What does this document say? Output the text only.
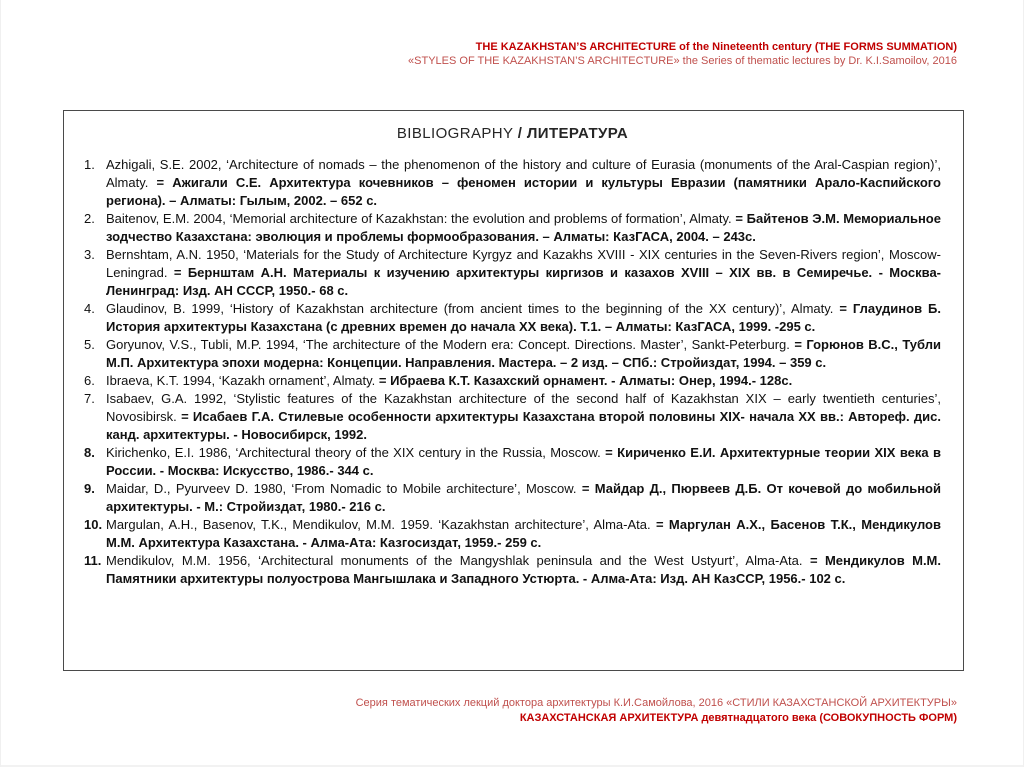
THE KAZAKHSTAN’S ARCHITECTURE of the Nineteenth century (THE FORMS SUMMATION)
«STYLES OF THE KAZAKHSTAN’S ARCHITECTURE» the Series of thematic lectures by Dr. K.I.Samoilov, 2016
BIBLIOGRAPHY / ЛИТЕРАТУРА
1. Azhigali, S.E. 2002, ‘Architecture of nomads – the phenomenon of the history and culture of Eurasia (monuments of the Aral-Caspian region)’, Almaty. = Ажигали С.Е. Архитектура кочевников – феномен истории и культуры Евразии (памятники Арало-Каспийского региона). – Алматы: Гылым, 2002. – 652 с.
2. Baitenov, E.M. 2004, ‘Memorial architecture of Kazakhstan: the evolution and problems of formation’, Almaty. = Байтенов Э.М. Мемориальное зодчество Казахстана: эволюция и проблемы формообразования. – Алматы: КазГАСА, 2004. – 243с.
3. Bernshtam, A.N. 1950, ‘Materials for the Study of Architecture Kyrgyz and Kazakhs XVIII - XIX centuries in the Seven-Rivers region’, Moscow-Leningrad. = Бернштам А.Н. Материалы к изучению архитектуры киргизов и казахов XVIII – XIX вв. в Семиречье. - Москва-Ленинград: Изд. АН СССР, 1950.- 68 с.
4. Glaudinov, B. 1999, ‘History of Kazakhstan architecture (from ancient times to the beginning of the XX century)’, Almaty. = Глаудинов Б. История архитектуры Казахстана (с древних времен до начала XX века). Т.1. – Алматы: КазГАСА, 1999. -295 с.
5. Goryunov, V.S., Tubli, M.P. 1994, ‘The architecture of the Modern era: Concept. Directions. Master’, Sankt-Peterburg. = Горюнов В.С., Тубли М.П. Архитектура эпохи модерна: Концепции. Направления. Мастера. – 2 изд. – СПб.: Стройиздат, 1994. – 359 с.
6. Ibraeva, K.T. 1994, ‘Kazakh ornament’, Almaty. = Ибраева К.Т. Казахский орнамент. - Алматы: Онер, 1994.- 128с.
7. Isabaev, G.A. 1992, ‘Stylistic features of the Kazakhstan architecture of the second half of Kazakhstan XIX – early twentieth centuries’, Novosibirsk. = Исабаев Г.А. Стилевые особенности архитектуры Казахстана второй половины XIX- начала XX вв.: Автореф. дис. канд. архитектуры. - Новосибирск, 1992.
8. Kirichenko, E.I. 1986, ‘Architectural theory of the XIX century in the Russia, Moscow. = Кириченко Е.И. Архитектурные теории XIX века в России. - Москва: Искусство, 1986.- 344 с.
9. Maidar, D., Pyurveev D. 1980, ‘From Nomadic to Mobile architecture’, Moscow. = Майдар Д., Пюрвеев Д.Б. От кочевой до мобильной архитектуры. - М.: Стройиздат, 1980.- 216 с.
10. Margulan, A.H., Basenov, T.K., Mendikulov, M.M. 1959. ‘Kazakhstan architecture’, Alma-Ata. = Маргулан А.Х., Басенов Т.К., Мендикулов М.М. Архитектура Казахстана. - Алма-Ата: Казгосиздат, 1959.- 259 с.
11. Mendikulov, M.M. 1956, ‘Architectural monuments of the Mangyshlak peninsula and the West Ustyurt’, Alma-Ata. = Мендикулов М.М. Памятники архитектуры полуострова Мангышлака и Западного Устюрта. - Алма-Ата: Изд. АН КазССР, 1956.- 102 с.
Серия тематических лекций доктора архитектуры К.И.Самойлова, 2016 «СТИЛИ КАЗАХСТАНСКОЙ АРХИТЕКТУРЫ»
КАЗАХСТАНСКАЯ АРХИТЕКТУРА девятнадцатого века (СОВОКУПНОСТЬ ФОРМ)
